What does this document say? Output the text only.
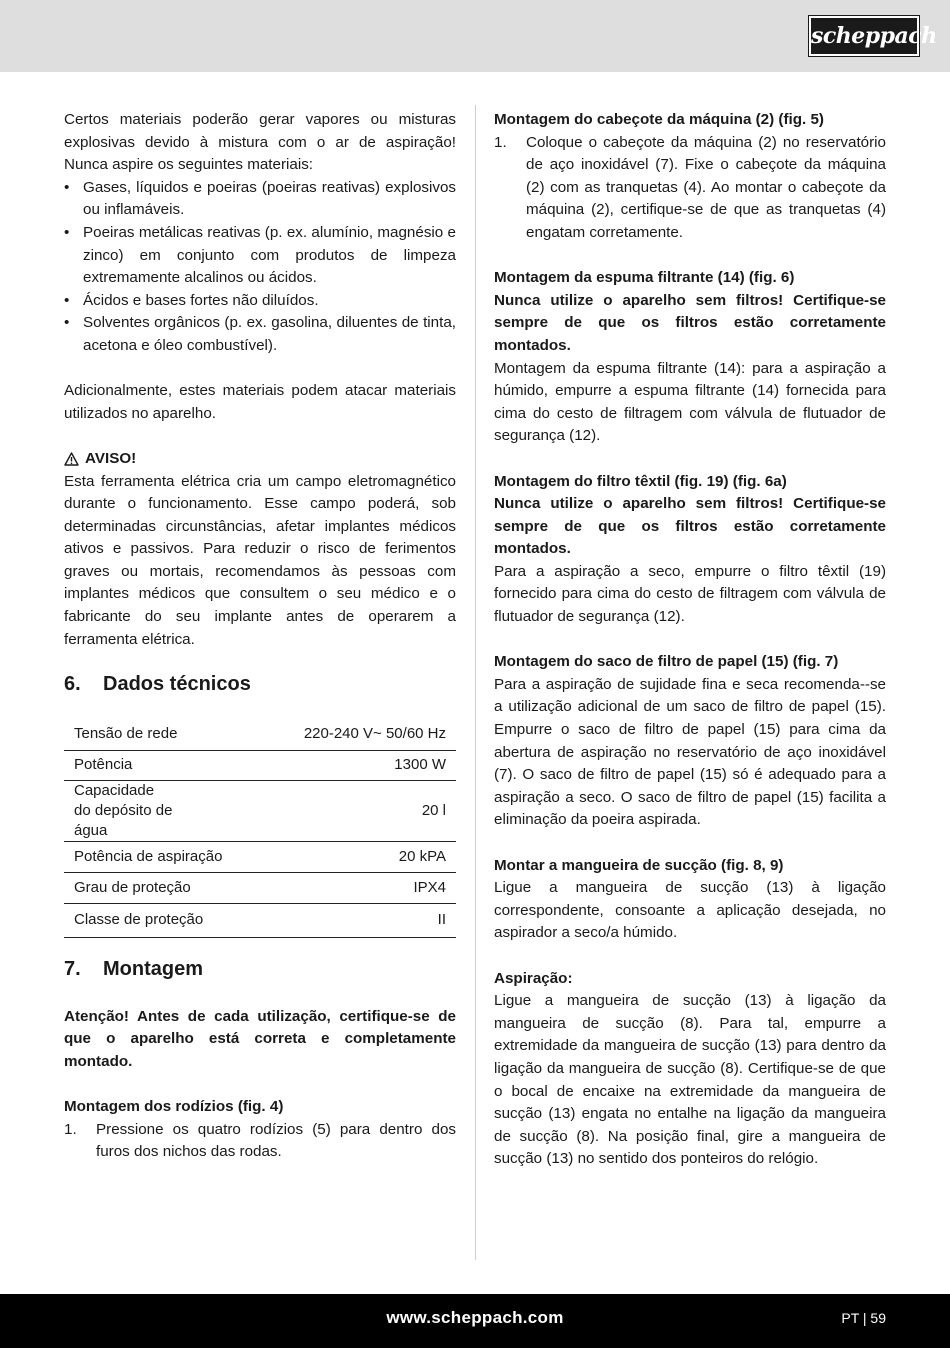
scheppach

Certos materiais poderão gerar vapores ou misturas explosivas devido à mistura com o ar de aspiração! Nunca aspire os seguintes materiais:

• Gases, líquidos e poeiras (poeiras reativas) explosivos ou inflamáveis.
• Poeiras metálicas reativas (p. ex. alumínio, magnésio e zinco) em conjunto com produtos de limpeza extremamente alcalinos ou ácidos.
• Ácidos e bases fortes não diluídos.
• Solventes orgânicos (p. ex. gasolina, diluentes de tinta, acetona e óleo combustível).

Adicionalmente, estes materiais podem atacar materiais utilizados no aparelho.

AVISO!

Esta ferramenta elétrica cria um campo eletromagnético durante o funcionamento. Esse campo poderá, sob determinadas circunstâncias, afetar implantes médicos ativos e passivos. Para reduzir o risco de ferimentos graves ou mortais, recomendamos às pessoas com implantes médicos que consultem o seu médico e o fabricante do seu implante antes de operarem a ferramenta elétrica.

6.	Dados técnicos
Tensão de rede	220-240 V~ 50/60 Hz
Potência	1300 W
Capacidade do depósito de água	20 l
Potência de aspiração	20 kPA
Grau de proteção	IPX4
Classe de proteção	II
7.	Montagem

Atenção! Antes de cada utilização, certifique-se de que o aparelho está correta e completamente montado.

Montagem dos rodízios (fig. 4)

1. Pressione os quatro rodízios (5) para dentro dos furos dos nichos das rodas.

Montagem do cabeçote da máquina (2) (fig. 5)

1. Coloque o cabeçote da máquina (2) no reservatório de aço inoxidável (7). Fixe o cabeçote da máquina (2) com as tranquetas (4). Ao montar o cabeçote da máquina (2), certifique-se de que as tranquetas (4) engatam corretamente.

Montagem da espuma filtrante (14) (fig. 6)

Nunca utilize o aparelho sem filtros! Certifique-se sempre de que os filtros estão corretamente montados.

Montagem da espuma filtrante (14): para a aspiração a húmido, empurre a espuma filtrante (14) fornecida para cima do cesto de filtragem com válvula de flutuador de segurança (12).

Montagem do filtro têxtil (fig. 19) (fig. 6a)

Nunca utilize o aparelho sem filtros! Certifique-se sempre de que os filtros estão corretamente montados.

Para a aspiração a seco, empurre o filtro têxtil (19) fornecido para cima do cesto de filtragem com válvula de flutuador de segurança (12).

Montagem do saco de filtro de papel (15) (fig. 7)

Para a aspiração de sujidade fina e seca recomenda--se a utilização adicional de um saco de filtro de papel (15). Empurre o saco de filtro de papel (15) para cima da abertura de aspiração no reservatório de aço inoxidável (7). O saco de filtro de papel (15) só é adequado para a aspiração a seco. O saco de filtro de papel (15) facilita a eliminação da poeira aspirada.

Montar a mangueira de sucção (fig. 8, 9)

Ligue a mangueira de sucção (13) à ligação correspondente, consoante a aplicação desejada, no aspirador a seco/a húmido.

Aspiração:

Ligue a mangueira de sucção (13) à ligação da mangueira de sucção (8). Para tal, empurre a extremidade da mangueira de sucção (13) para dentro da ligação da mangueira de sucção (8). Certifique-se de que o bocal de encaixe na extremidade da mangueira de sucção (13) engata no entalhe na ligação da mangueira de sucção (8). Na posição final, gire a mangueira de sucção (13) no sentido dos ponteiros do relógio.

www.scheppach.com	PT | 59
